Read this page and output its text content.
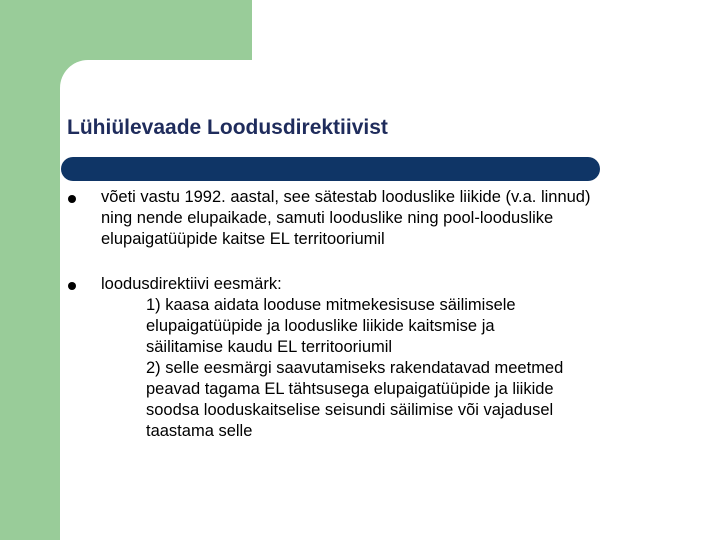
Lühiülevaade Loodusdirektiivist
võeti vastu 1992. aastal, see sätestab looduslike liikide (v.a. linnud)
ning nende elupaikade, samuti looduslike ning pool-looduslike
elupaigatüüpide kaitse EL territooriumil
loodusdirektiivi eesmärk:
1) kaasa aidata looduse mitmekesisuse säilimisele
elupaigatüüpide ja looduslike liikide kaitsmise ja
säilitamise kaudu EL territooriumil
2) selle eesmärgi saavutamiseks rakendatavad meetmed
peavad tagama EL tähtsusega elupaigatüüpide ja liikide
soodsa looduskaitselise seisundi säilimise või vajadusel
taastama selle
